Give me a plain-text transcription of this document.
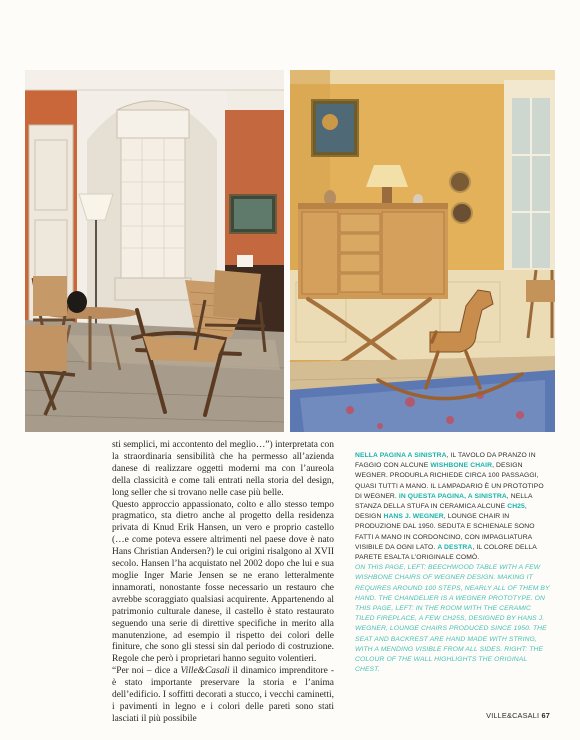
sti semplici, mi accontento del meglio…”) interpretata con la straordinaria sensibilità che ha permesso all’azienda danese di realizzare oggetti moderni ma con l’aureola della classicità e come tali entrati nella storia del design, long seller che si trovano nelle case più belle.

Questo approccio appassionato, colto e allo stesso tempo pragmatico, sta dietro anche al progetto della residenza privata di Knud Erik Hansen, un vero e proprio castello (…e come poteva essere altrimenti nel paese dove è nato Hans Christian Andersen?) le cui origini risalgono al XVII secolo. Hansen l’ha acquistato nel 2002 dopo che lui e sua moglie Inger Marie Jensen se ne erano letteralmente innamorati, nonostante fosse necessario un restauro che avrebbe scoraggiato qualsiasi acquirente. Appartenendo al patrimonio culturale danese, il castello è stato restaurato seguendo una serie di direttive specifiche in merito alla manutenzione, ad esempio il rispetto dei colori delle finiture, che sono gli stessi sin dal periodo di costruzione. Regole che però i proprietari hanno seguito volentieri.

“Per noi – dice a Ville&Casali il dinamico imprenditore - è stato importante preservare la storia e l’anima dell’edificio. I soffitti decorati a stucco, i vecchi caminetti, i pavimenti in legno e i colori delle pareti sono stati lasciati il più possibile

NELLA PAGINA A SINISTRA, IL TAVOLO DA PRANZO IN FAGGIO CON ALCUNE WISHBONE CHAIR, DESIGN WEGNER. PRODURLA RICHIEDE CIRCA 100 PASSAGGI, QUASI TUTTI A MANO. IL LAMPADARIO È UN PROTOTIPO DI WEGNER. IN QUESTA PAGINA, A SINISTRA, NELLA STANZA DELLA STUFA IN CERAMICA ALCUNE CH25, DESIGN HANS J. WEGNER, LOUNGE CHAIR IN PRODUZIONE DAL 1950. SEDUTA E SCHIENALE SONO FATTI A MANO IN CORDONCINO, CON IMPAGLIATURA VISIBILE DA OGNI LATO. A DESTRA, IL COLORE DELLA PARETE ESALTA L’ORIGINALE COMÒ.
ON THIS PAGE, LEFT: BEECHWOOD TABLE WITH A FEW WISHBONE CHAIRS OF WEGNER DESIGN. MAKING IT REQUIRES AROUND 100 STEPS, NEARLY ALL OF THEM BY HAND. THE CHANDELIER IS A WEGNER PROTOTYPE. ON THIS PAGE, LEFT: IN THE ROOM WITH THE CERAMIC TILED FIREPLACE, A FEW CH25S, DESIGNED BY HANS J. WEGNER, LOUNGE CHAIRS PRODUCED SINCE 1950. THE SEAT AND BACKREST ARE HAND MADE WITH STRING, WITH A MENDING VISIBLE FROM ALL SIDES. RIGHT: THE COLOUR OF THE WALL HIGHLIGHTS THE ORIGINAL CHEST.
VILLE&CASALI 67
